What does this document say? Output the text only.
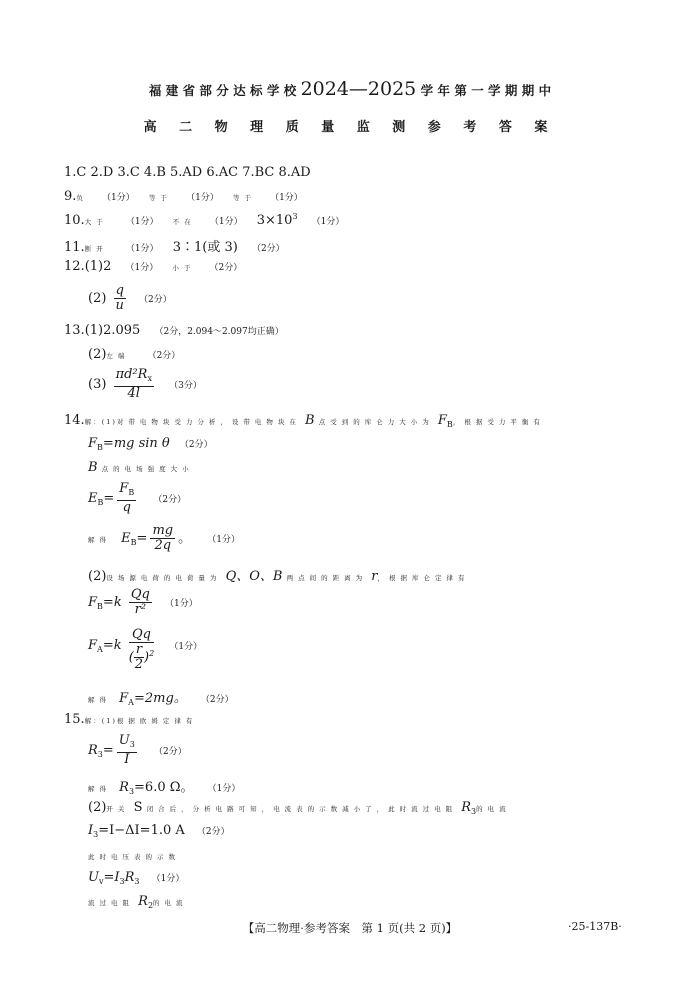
福 建 省 部 分 达 标 学 校 2024—2025 学 年 第 一 学 期 期 中
高 二 物 理 质 量 监 测 参 考 答 案
1.C 2.D 3.C 4.B 5.AD 6.AC 7.BC 8.AD
9.负 （1分） 等于 （1分） 等于 （1分）
10.大于 （1分） 不在 （1分） $3\times 10^3$ （1分）
11.断开 （1分） 3∶1(或 3) （2分）
12.(1)2 （1分） 小于 （2分）
$(2) \frac{q}{u} (2$分）
13.(1)2.095 （2分，2.094～2.097均正确）
(2)左端 （2分）
$(3) \frac{\pi d^2R_x}{4l} (3$分）
14.解：(1)对带电物块受力分析，设带电物块在 B 点受到的库仑力大小为 $F_B$，根据受力平衡有
$F_B=mg$ sin θ （2分）
B点的电场强度大小
$E_B= \frac{F_B}{q} (2$分）
解得 $E_B= \frac{mg}{2q}$ 。 （1分）
(2)设场源电荷的电荷量为 Q、O、B 两点间的距离为 r，根据库仑定律有
$F_B=k \frac{Qq}{\text{r²}} (1$分）
$F_A=k \frac{Qq}{( \frac{r}{2} )^2} (1$分）
解得 $F_A=2mg$。 （2分）
15.解：(1)根据欧姆定律有
$R_3= \frac{U_3}{I} (2$分）
解得 $R_3=6.0$ Ω。 （1分）
(2)开关 S 闭合后，分析电路可知，电流表的示数减小了，此时流过电阻 $R_3$的电流
$I_3=I-\Delta I=1.0$ A （2分）
此时电压表的示数
$U_v=I_3R_3$ （1分）
流过电阻 $R_2$的电流
【高二物理·参考答案　第 1 页(共 2 页)】	·25-137B·
